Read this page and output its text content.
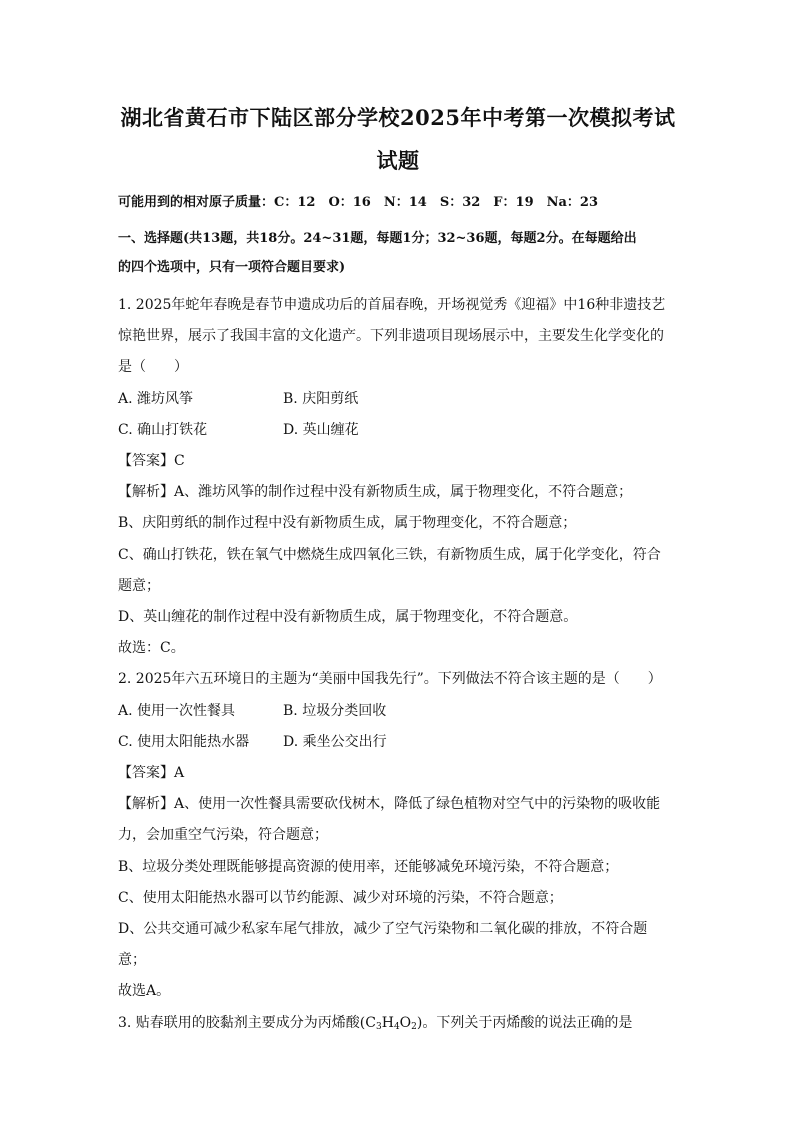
湖北省黄石市下陆区部分学校2025年中考第一次模拟考试
试题
可能用到的相对原子质量：C：12　O：16　N：14　S：32　F：19　Na：23
一、选择题(共13题，共18分。24~31题，每题1分；32~36题，每题2分。在每题给出
的四个选项中，只有一项符合题目要求)
1. 2025年蛇年春晚是春节申遗成功后的首届春晚，开场视觉秀《迎福》中16种非遗技艺
惊艳世界，展示了我国丰富的文化遗产。下列非遗项目现场展示中，主要发生化学变化的
是（　　）
A. 潍坊风筝	B. 庆阳剪纸
C. 确山打铁花	D. 英山缠花
【答案】C
【解析】A、潍坊风筝的制作过程中没有新物质生成，属于物理变化，不符合题意；
B、庆阳剪纸的制作过程中没有新物质生成，属于物理变化，不符合题意；
C、确山打铁花，铁在氧气中燃烧生成四氧化三铁，有新物质生成，属于化学变化，符合
题意；
D、英山缠花的制作过程中没有新物质生成，属于物理变化，不符合题意。
故选：C。
2. 2025年六五环境日的主题为“美丽中国我先行”。下列做法不符合该主题的是（　　）
A. 使用一次性餐具	B. 垃圾分类回收
C. 使用太阳能热水器	D. 乘坐公交出行
【答案】A
【解析】A、使用一次性餐具需要砍伐树木，降低了绿色植物对空气中的污染物的吸收能
力，会加重空气污染，符合题意；
B、垃圾分类处理既能够提高资源的使用率，还能够减免环境污染，不符合题意；
C、使用太阳能热水器可以节约能源、减少对环境的污染，不符合题意；
D、公共交通可减少私家车尾气排放，减少了空气污染物和二氧化碳的排放，不符合题
意；
故选A。
3. 贴春联用的胶黏剂主要成分为丙烯酸$(C_3H_4O_2)$。下列关于丙烯酸的说法正确的是
